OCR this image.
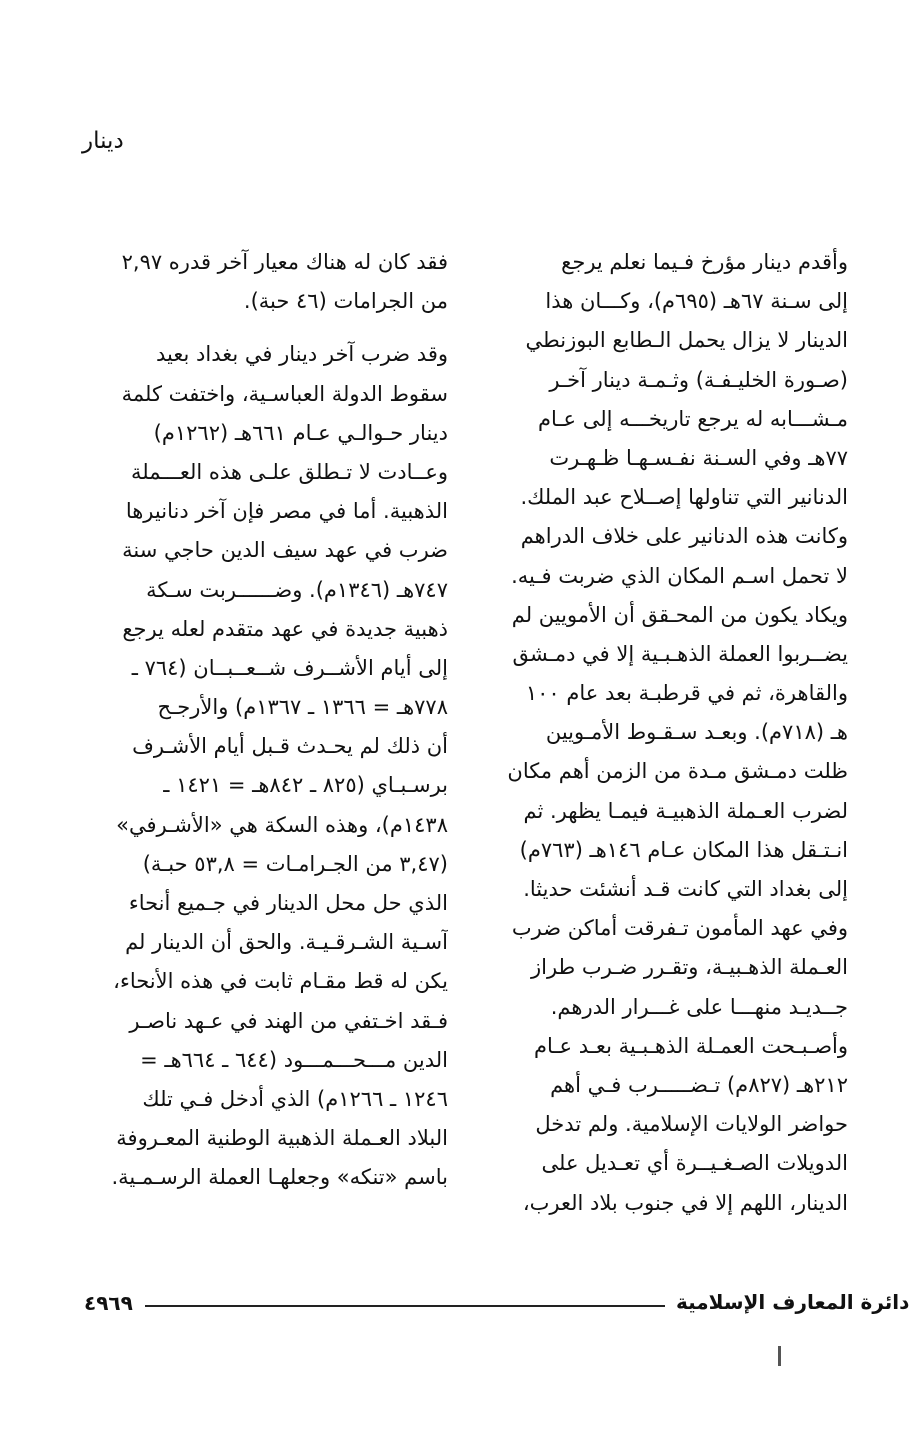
دينار
وأقدم دينار مؤرخ فـيما نعلم يرجع
إلى سـنة ٦٧هـ (٦٩٥م)، وكـــان هذا
الدينار لا يزال يحمل الـطابع البوزنطي
(صـورة الخليـفـة) وثـمـة دينار آخـر
مـشـــابه له يرجع تاريخـــه إلى عـام
٧٧هـ وفي السـنة نفـسـهـا ظـهـرت
الدنانير التي تناولها إصــلاح عبد الملك.
وكانت هذه الدنانير على خلاف الدراهم
لا تحمل اسـم المكان الذي ضربت فـيه.
ويكاد يكون من المحـقق أن الأمويين لم
يضــربوا العملة الذهـبـية إلا في دمـشق
والقاهرة، ثم في قرطبـة بعد عام ١٠٠
هـ (٧١٨م). وبعـد سـقـوط الأمـويين
ظلت دمـشق مـدة من الزمن أهم مكان
لضرب العـملة الذهبيـة فيمـا يظهر. ثم
انـتـقل هذا المكان عـام ١٤٦هـ (٧٦٣م)
إلى بغداد التي كانت قـد أنشئت حديثا.
وفي عهد المأمون تـفرقت أماكن ضرب
العـملة الذهـبيـة، وتقـرر ضـرب طراز
جــديـد منهـــا على غـــرار الدرهم.
وأصـبـحت العمـلة الذهـبـية بعـد عـام
٢١٢هـ (٨٢٧م) تـضـــــرب فـي أهم
حواضر الولايات الإسلامية. ولم تدخل
الدويلات الصـغـيــرة أي تعـديل على
الدينار، اللهم إلا في جنوب بلاد العرب،
فقد كان له هناك معيار آخر قدره ٢,٩٧
من الجرامات (٤٦ حبة).
وقد ضرب آخر دينار في بغداد بعيد
سقوط الدولة العباسـية، واختفت كلمة
دينار حـوالـي عـام ٦٦١هـ (١٢٦٢م)
وعــادت لا تـطلق علـى هذه العـــملة
الذهبية. أما في مصر فإن آخر دنانيرها
ضرب في عهد سيف الدين حاجي سنة
٧٤٧هـ (١٣٤٦م). وضــــــربت سـكة
ذهبية جديدة في عهد متقدم لعله يرجع
إلى أيام الأشــرف شــعــبــان (٧٦٤ ـ
٧٧٨هـ = ١٣٦٦ ـ ١٣٦٧م) والأرجـح
أن ذلك لم يحـدث قـبل أيام الأشـرف
برسـبـاي (٨٢٥ ـ ٨٤٢هـ = ١٤٢١ ـ
١٤٣٨م)، وهذه السكة هي «الأشـرفي»
(٣,٤٧ من الجـرامـات = ٥٣,٨ حبـة)
الذي حل محل الدينار في جـميع أنحاء
آسـية الشـرقـيـة. والحق أن الدينار لم
يكن له قط مقـام ثابت في هذه الأنحاء،
فـقد اخـتفي من الهند في عـهد ناصـر
الدين مـــحـــمـــود (٦٤٤ ـ ٦٦٤هـ =
١٢٤٦ ـ ١٢٦٦م) الذي أدخل فـي تلك
البلاد العـملة الذهبية الوطنية المعـروفة
باسم «تنكه» وجعلهـا العملة الرسـمـية.
دائرة المعارف الإسلامية
٤٩٦٩
